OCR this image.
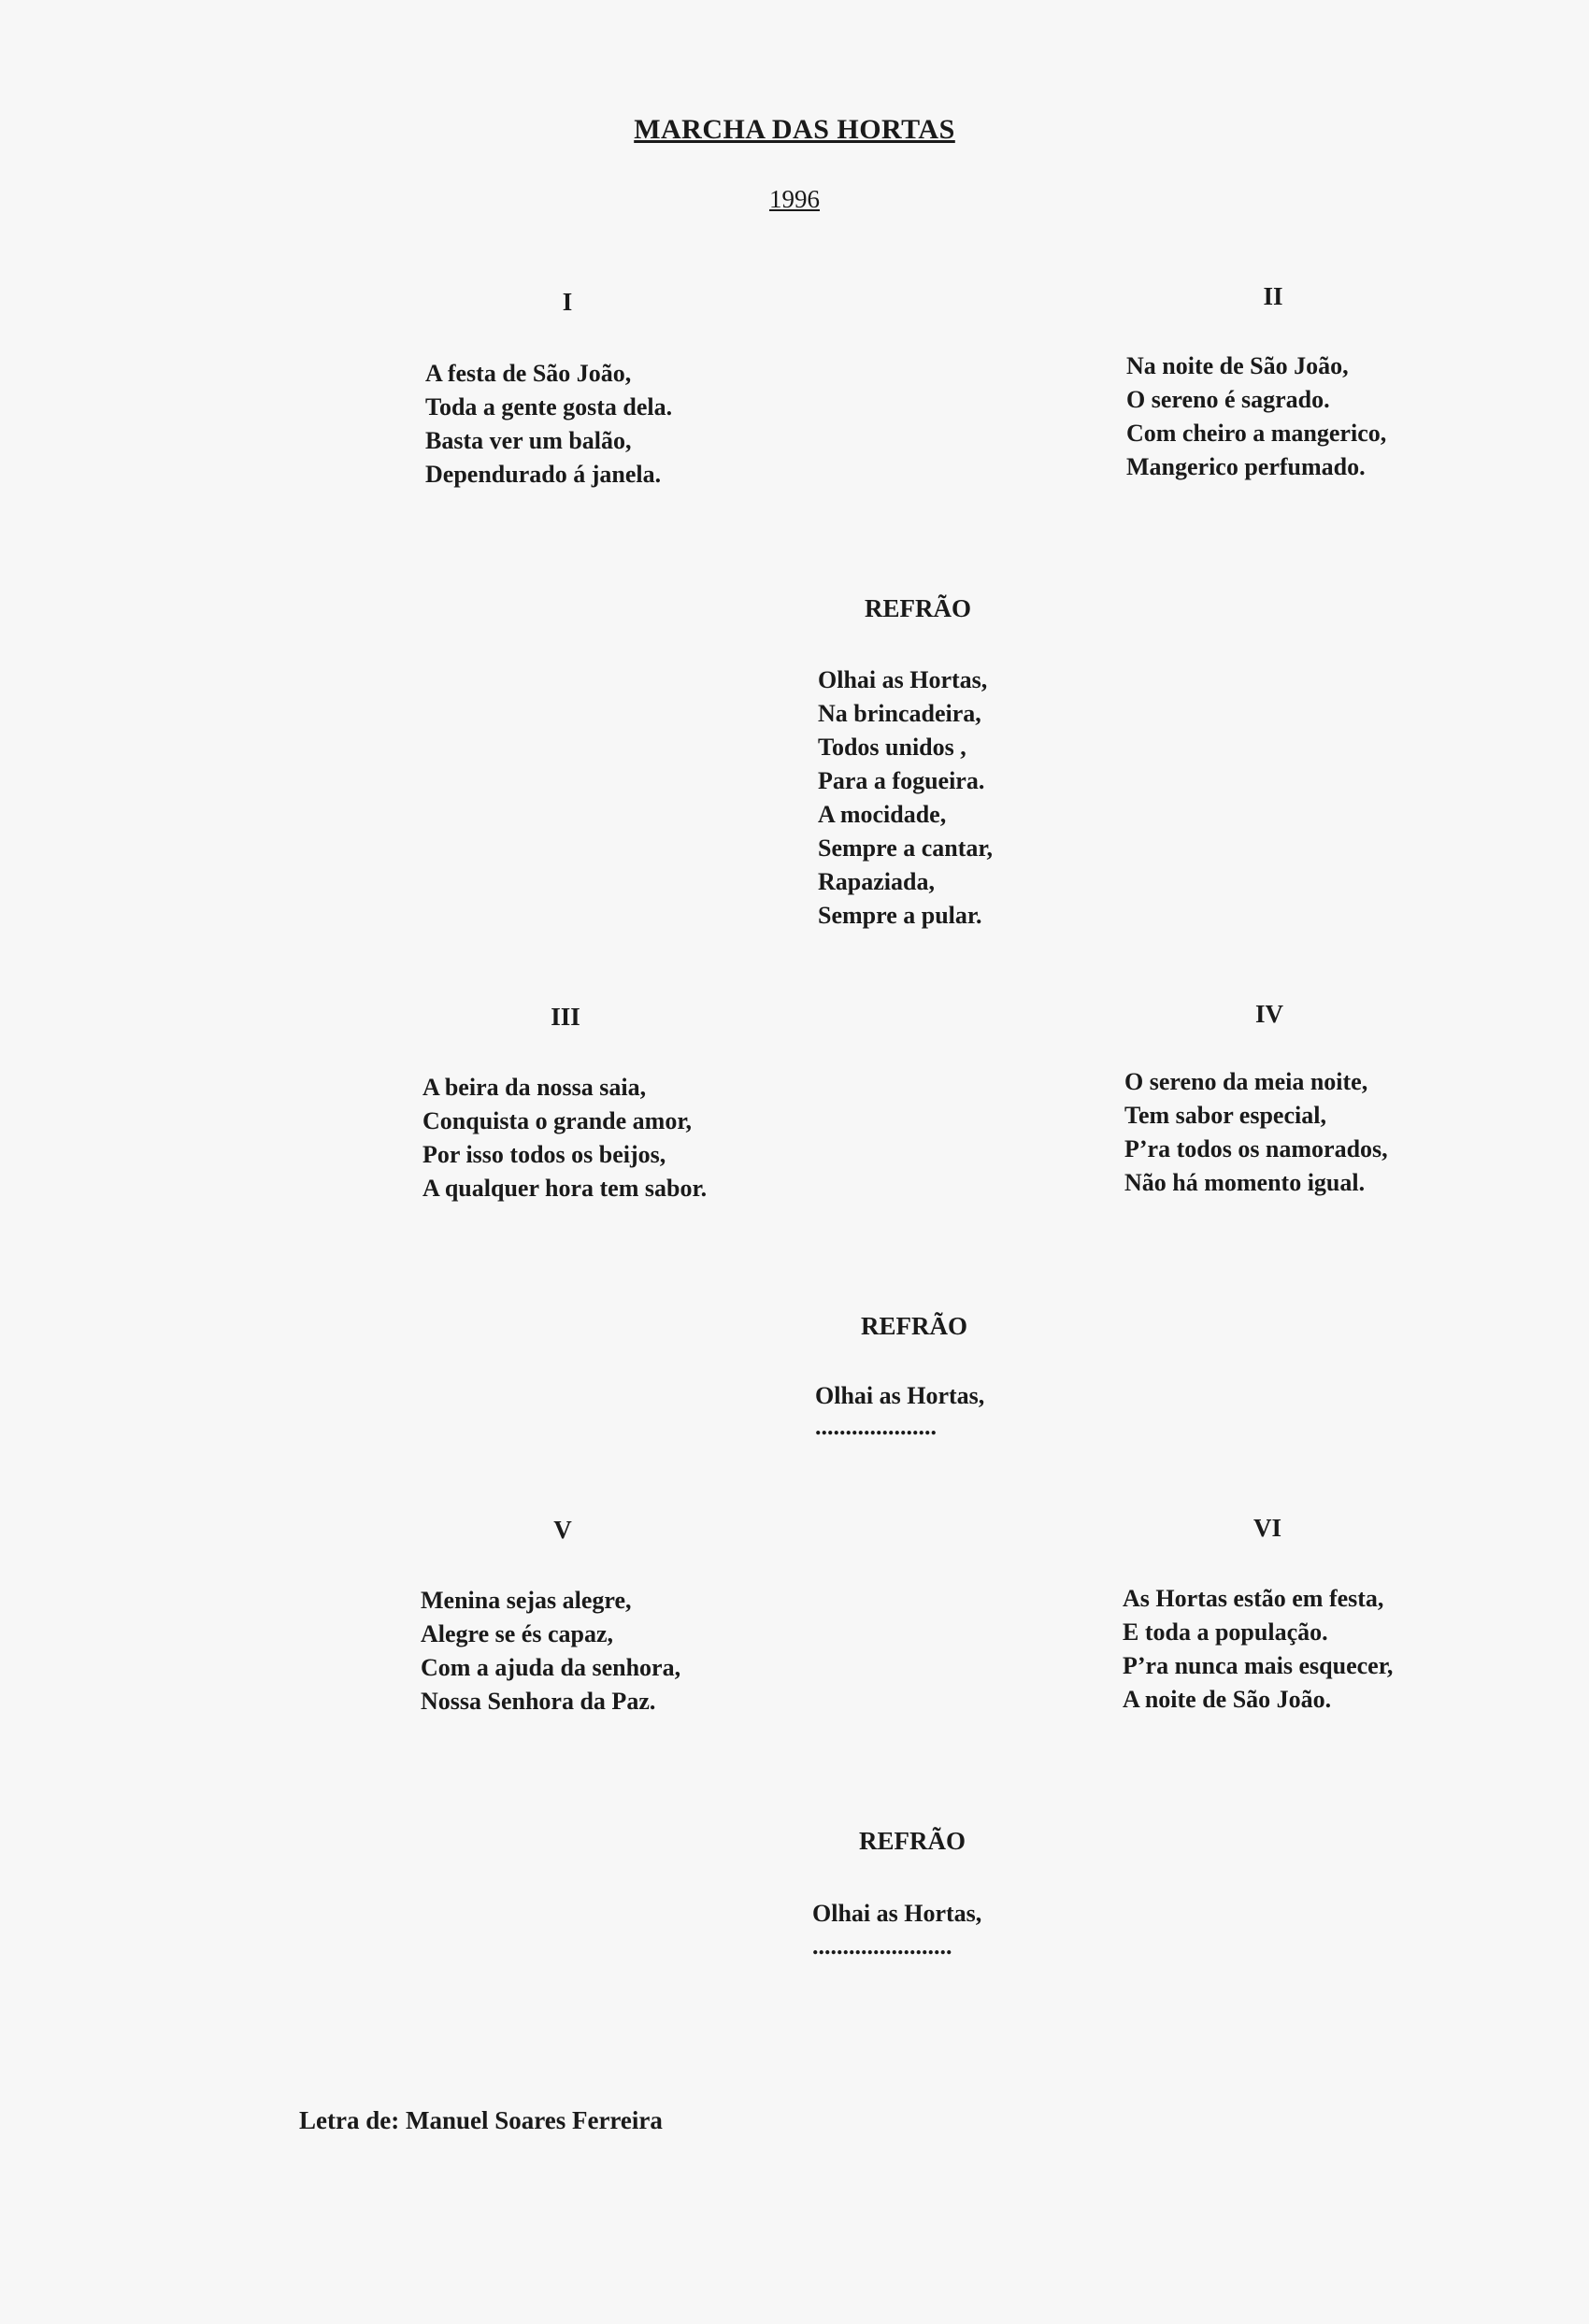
MARCHA DAS HORTAS
1996
I
A festa de São João,
Toda a gente gosta dela.
Basta ver um balão,
Dependurado á janela.
II
Na noite de São João,
O sereno é sagrado.
Com cheiro a mangerico,
Mangerico perfumado.
REFRÃO
Olhai as Hortas,
Na brincadeira,
Todos unidos ,
Para a fogueira.
A mocidade,
Sempre a cantar,
Rapaziada,
Sempre a pular.
III
A beira da nossa saia,
Conquista o grande amor,
Por isso todos os beijos,
A qualquer hora tem sabor.
IV
O sereno da meia noite,
Tem sabor especial,
P’ra todos os namorados,
Não há momento igual.
REFRÃO
Olhai as Hortas,
....................
V
Menina sejas alegre,
Alegre se és capaz,
Com a ajuda da senhora,
Nossa Senhora da Paz.
VI
As Hortas estão em festa,
E toda a população.
P’ra nunca mais esquecer,
A noite de São João.
REFRÃO
Olhai as Hortas,
.......................
Letra de: Manuel Soares Ferreira
